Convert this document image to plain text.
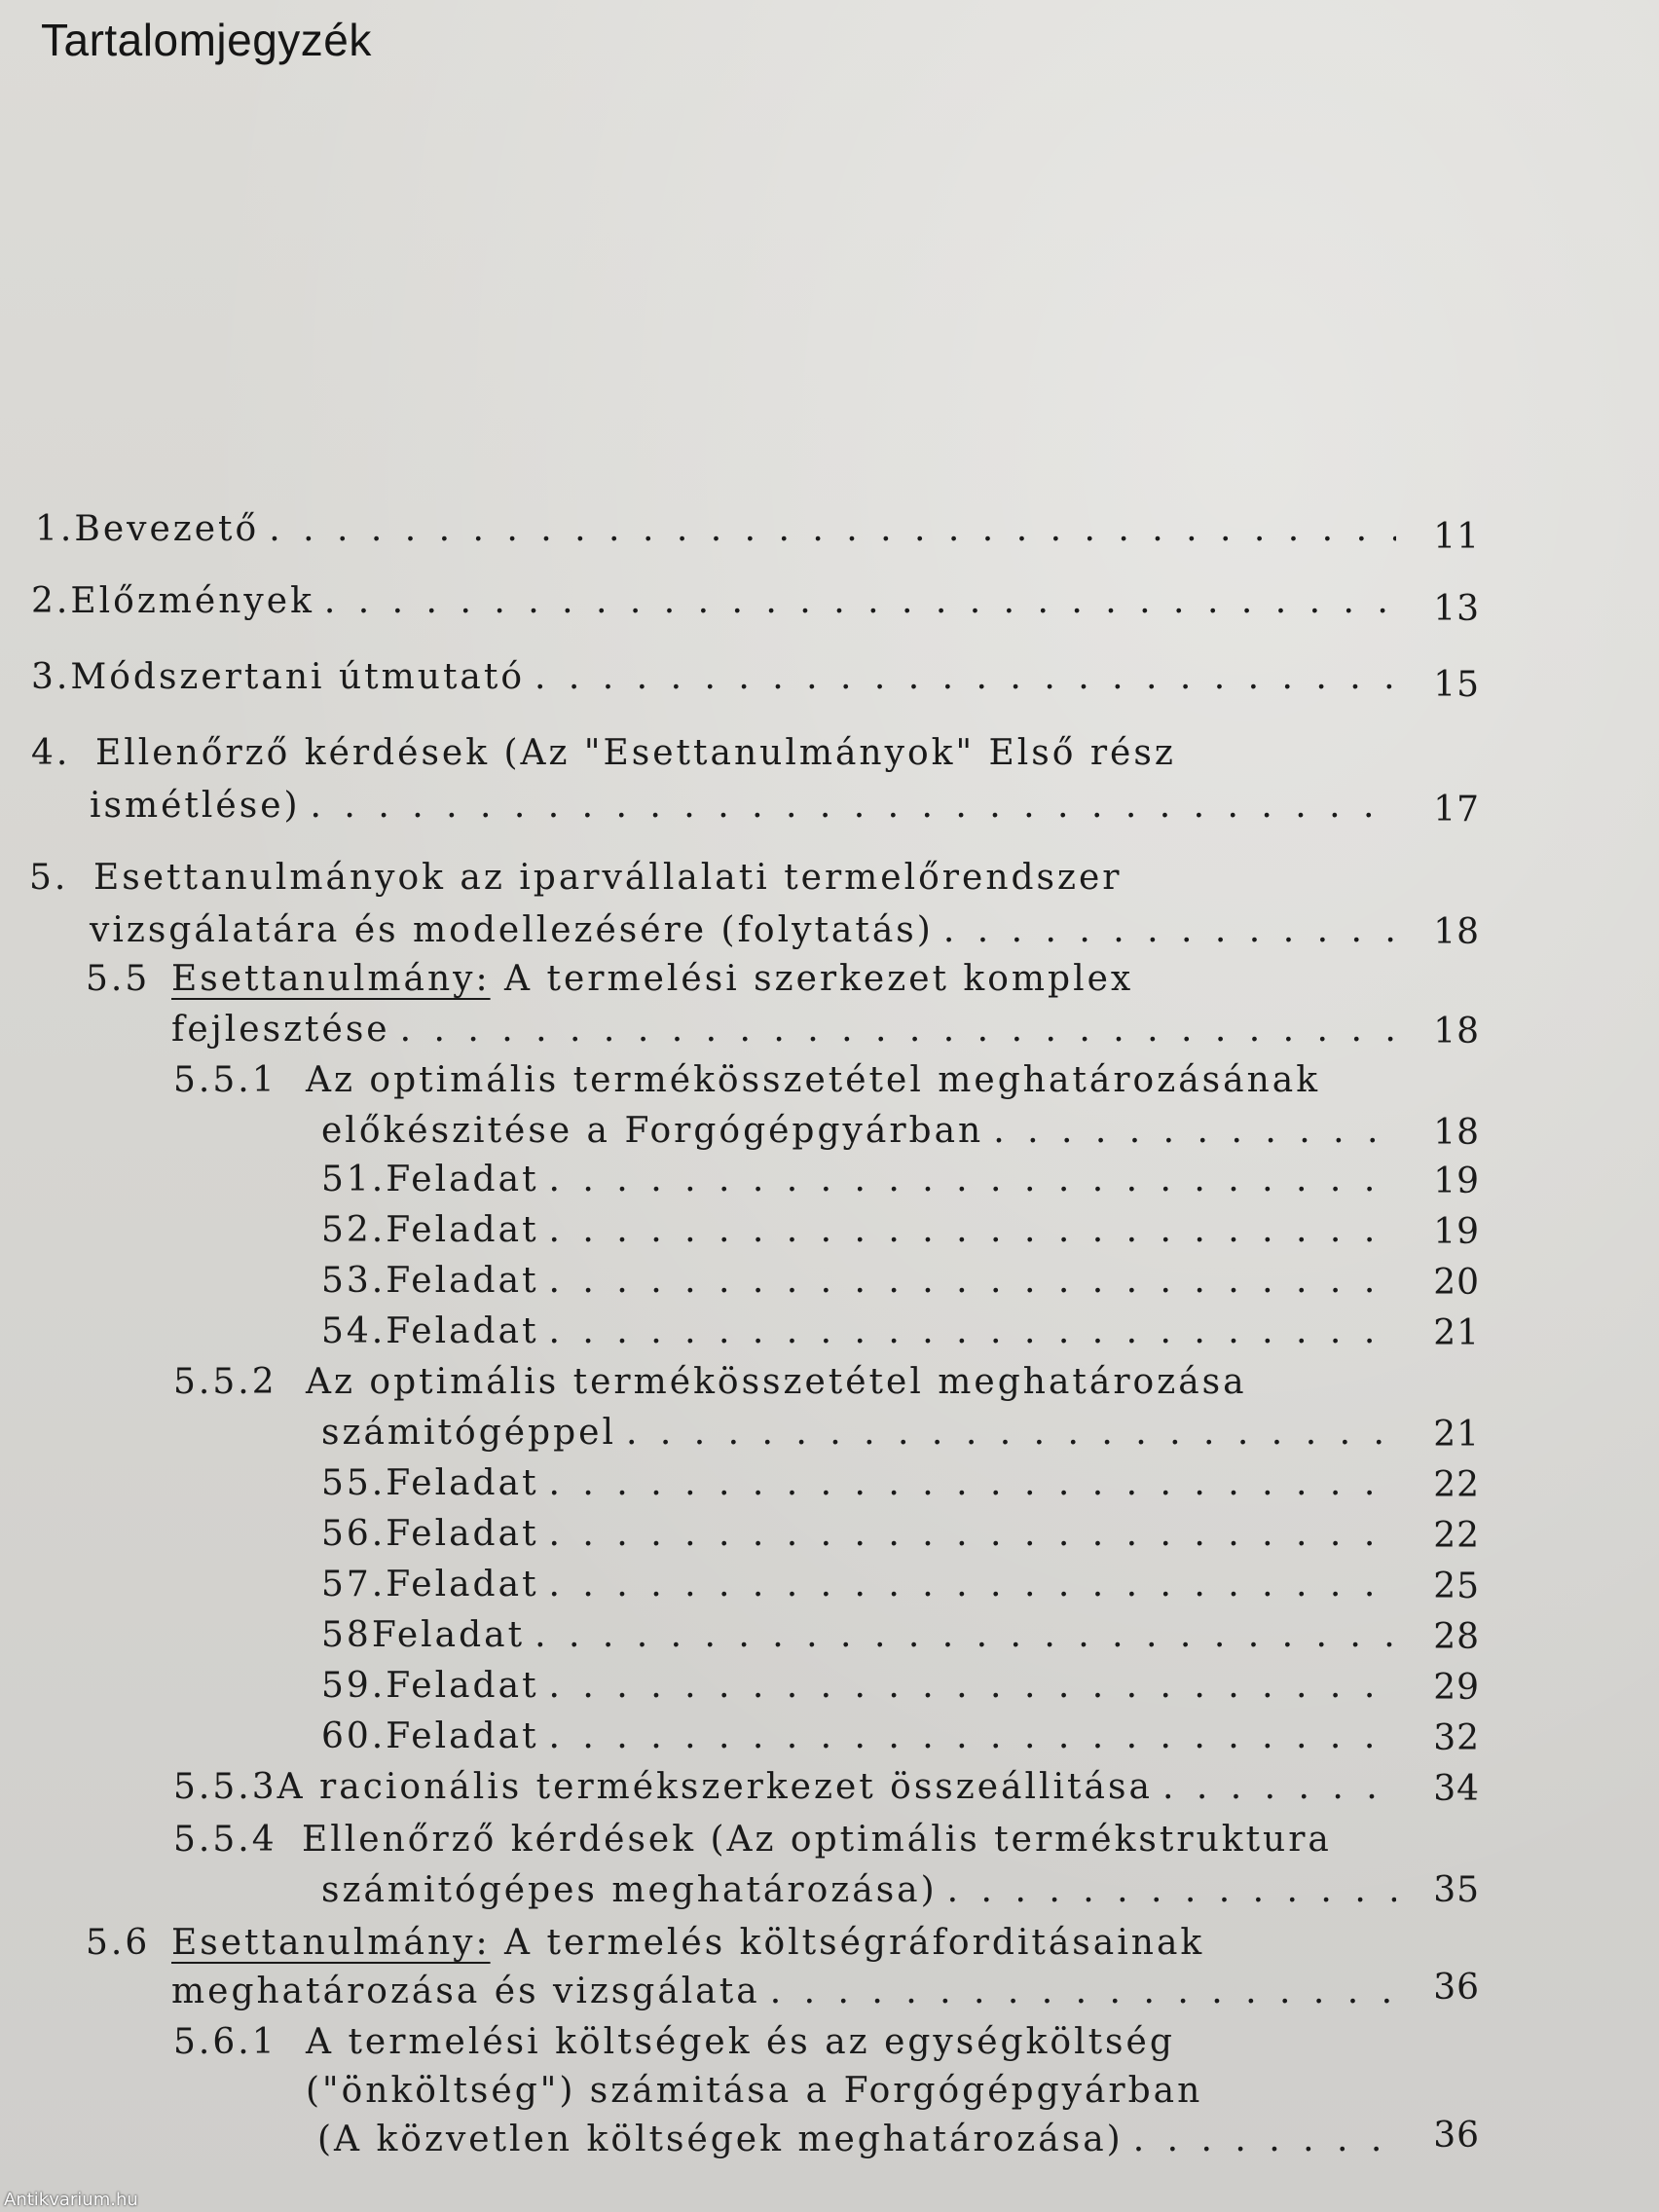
Tartalomjegyzék
1. Bevezető . . .	11
2. Előzmények . . .	13
3. Módszertani útmutató . . .	15
4. Ellenőrző kérdések (Az "Esettanulmányok" Első rész
ismétlése) . . .	17
5. Esettanulmányok az iparvállalati termelőrendszer
vizsgálatára és modellezésére (folytatás) . . .	18
5.5 Esettanulmány: A termelési szerkezet komplex
fejlesztése . . .	18
5.5.1 Az optimális termékösszetétel meghatározásának
előkészitése a Forgógépgyárban . . .	18
51. Feladat . . .	19
52. Feladat . . .	19
53. Feladat . . .	20
54. Feladat . . .	21
5.5.2 Az optimális termékösszetétel meghatározása
számitógéppel . . .	21
55. Feladat . . .	22
56. Feladat . . .	22
57. Feladat . . .	25
58 Feladat . . .	28
59. Feladat . . .	29
60. Feladat . . .	32
5.5.3 A racionális termékszerkezet összeállitása . . .	34
5.5.4 Ellenőrző kérdések (Az optimális termékstruktura
számitógépes meghatározása) . . .	35
5.6 Esettanulmány: A termelés költségráforditásainak
meghatározása és vizsgálata . . .	36
5.6.1 A termelési költségek és az egységköltség
("önköltség") számitása a Forgógépgyárban
(A közvetlen költségek meghatározása) . . .	36
Antikvarium.hu
